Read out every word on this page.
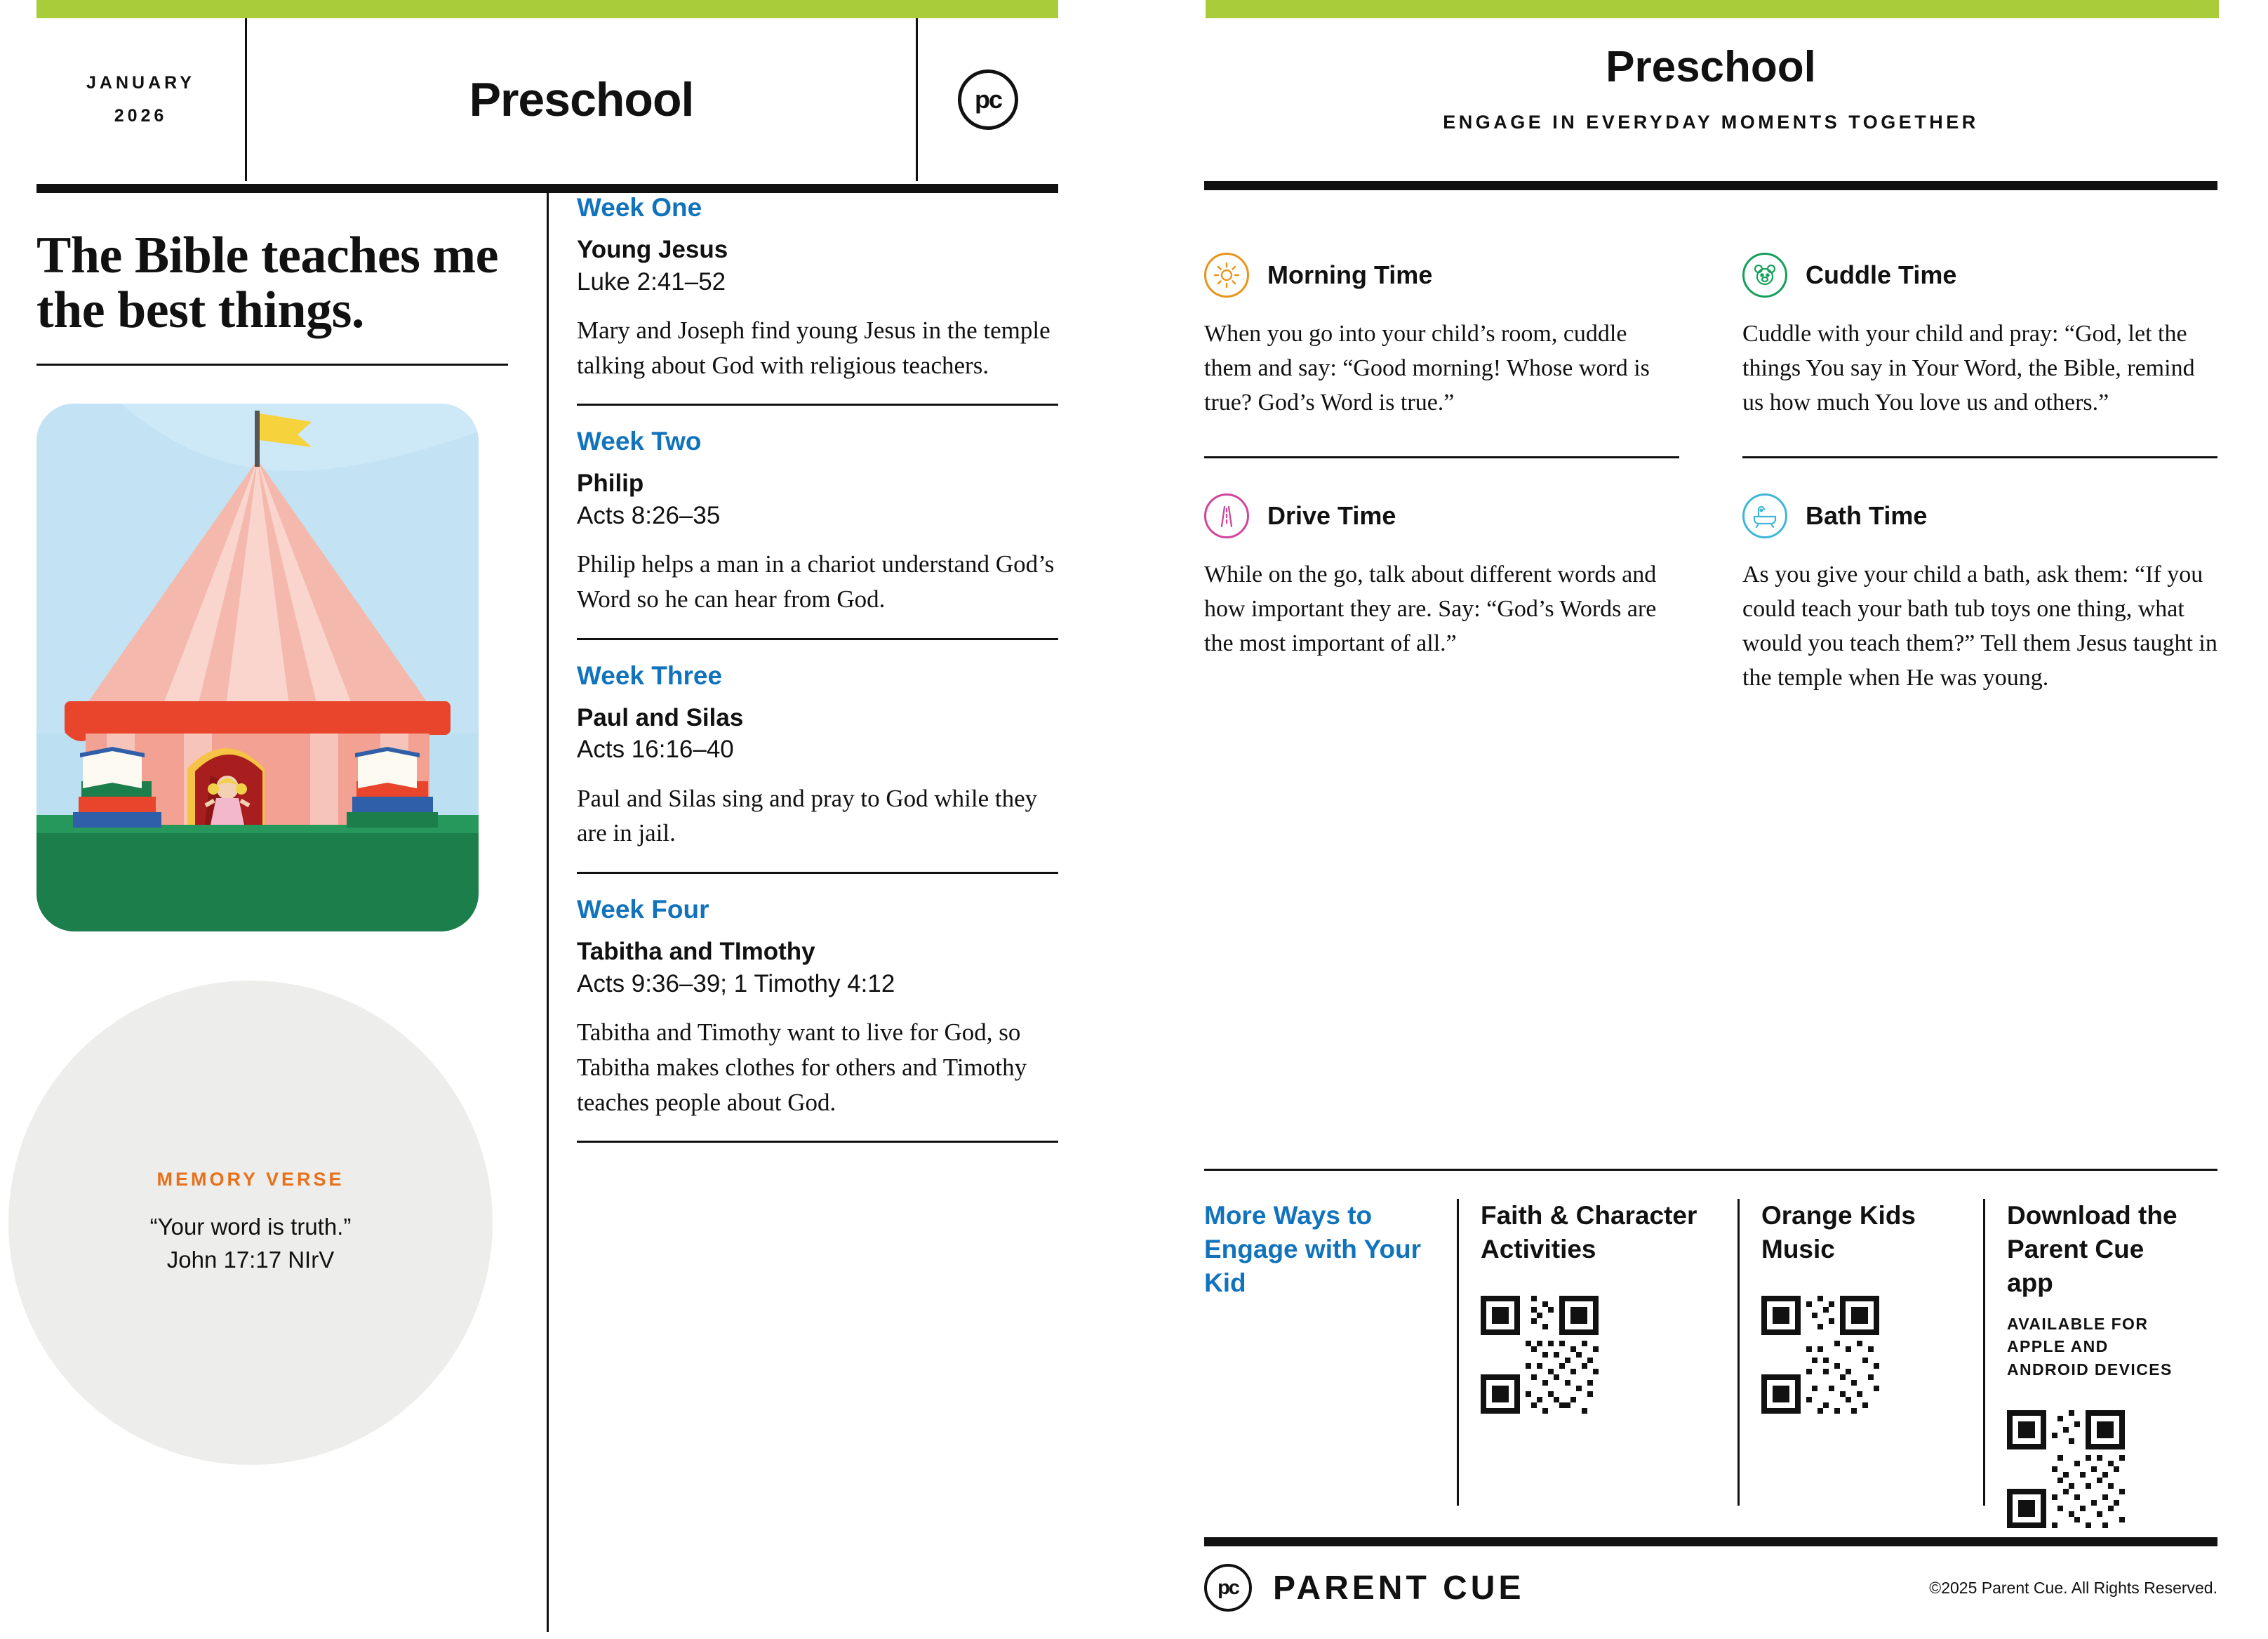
JANUARY
2026	Preschool	pc
The Bible teaches me the best things.
MEMORY VERSE
“Your word is truth.”
John 17:17 NIrV
Week One
Young Jesus
Luke 2:41–52
Mary and Joseph find young Jesus in the temple talking about God with religious teachers.
Week Two
Philip
Acts 8:26–35
Philip helps a man in a chariot understand God’s Word so he can hear from God.
Week Three
Paul and Silas
Acts 16:16–40
Paul and Silas sing and pray to God while they are in jail.
Week Four
Tabitha and TImothy
Acts 9:36–39; 1 Timothy 4:12
Tabitha and Timothy want to live for God, so Tabitha makes clothes for others and Timothy teaches people about God.
Preschool

ENGAGE IN EVERYDAY MOMENTS TOGETHER

Morning Time
When you go into your child’s room, cuddle them and say: “Good morning! Whose word is true? God’s Word is true.”
Cuddle Time
Cuddle with your child and pray: “God, let the things You say in Your Word, the Bible, remind us how much You love us and others.”
Drive Time
While on the go, talk about different words and how important they are. Say: “God’s Words are the most important of all.”
Bath Time
As you give your child a bath, ask them: “If you could teach your bath tub toys one thing, what would you teach them?” Tell them Jesus taught in the temple when He was young.
More Ways to Engage with Your Kid
Faith & Character Activities
Orange Kids Music
Download the Parent Cue app
AVAILABLE FOR APPLE AND ANDROID DEVICES
pc	PARENT CUE	©2025 Parent Cue. All Rights Reserved.
